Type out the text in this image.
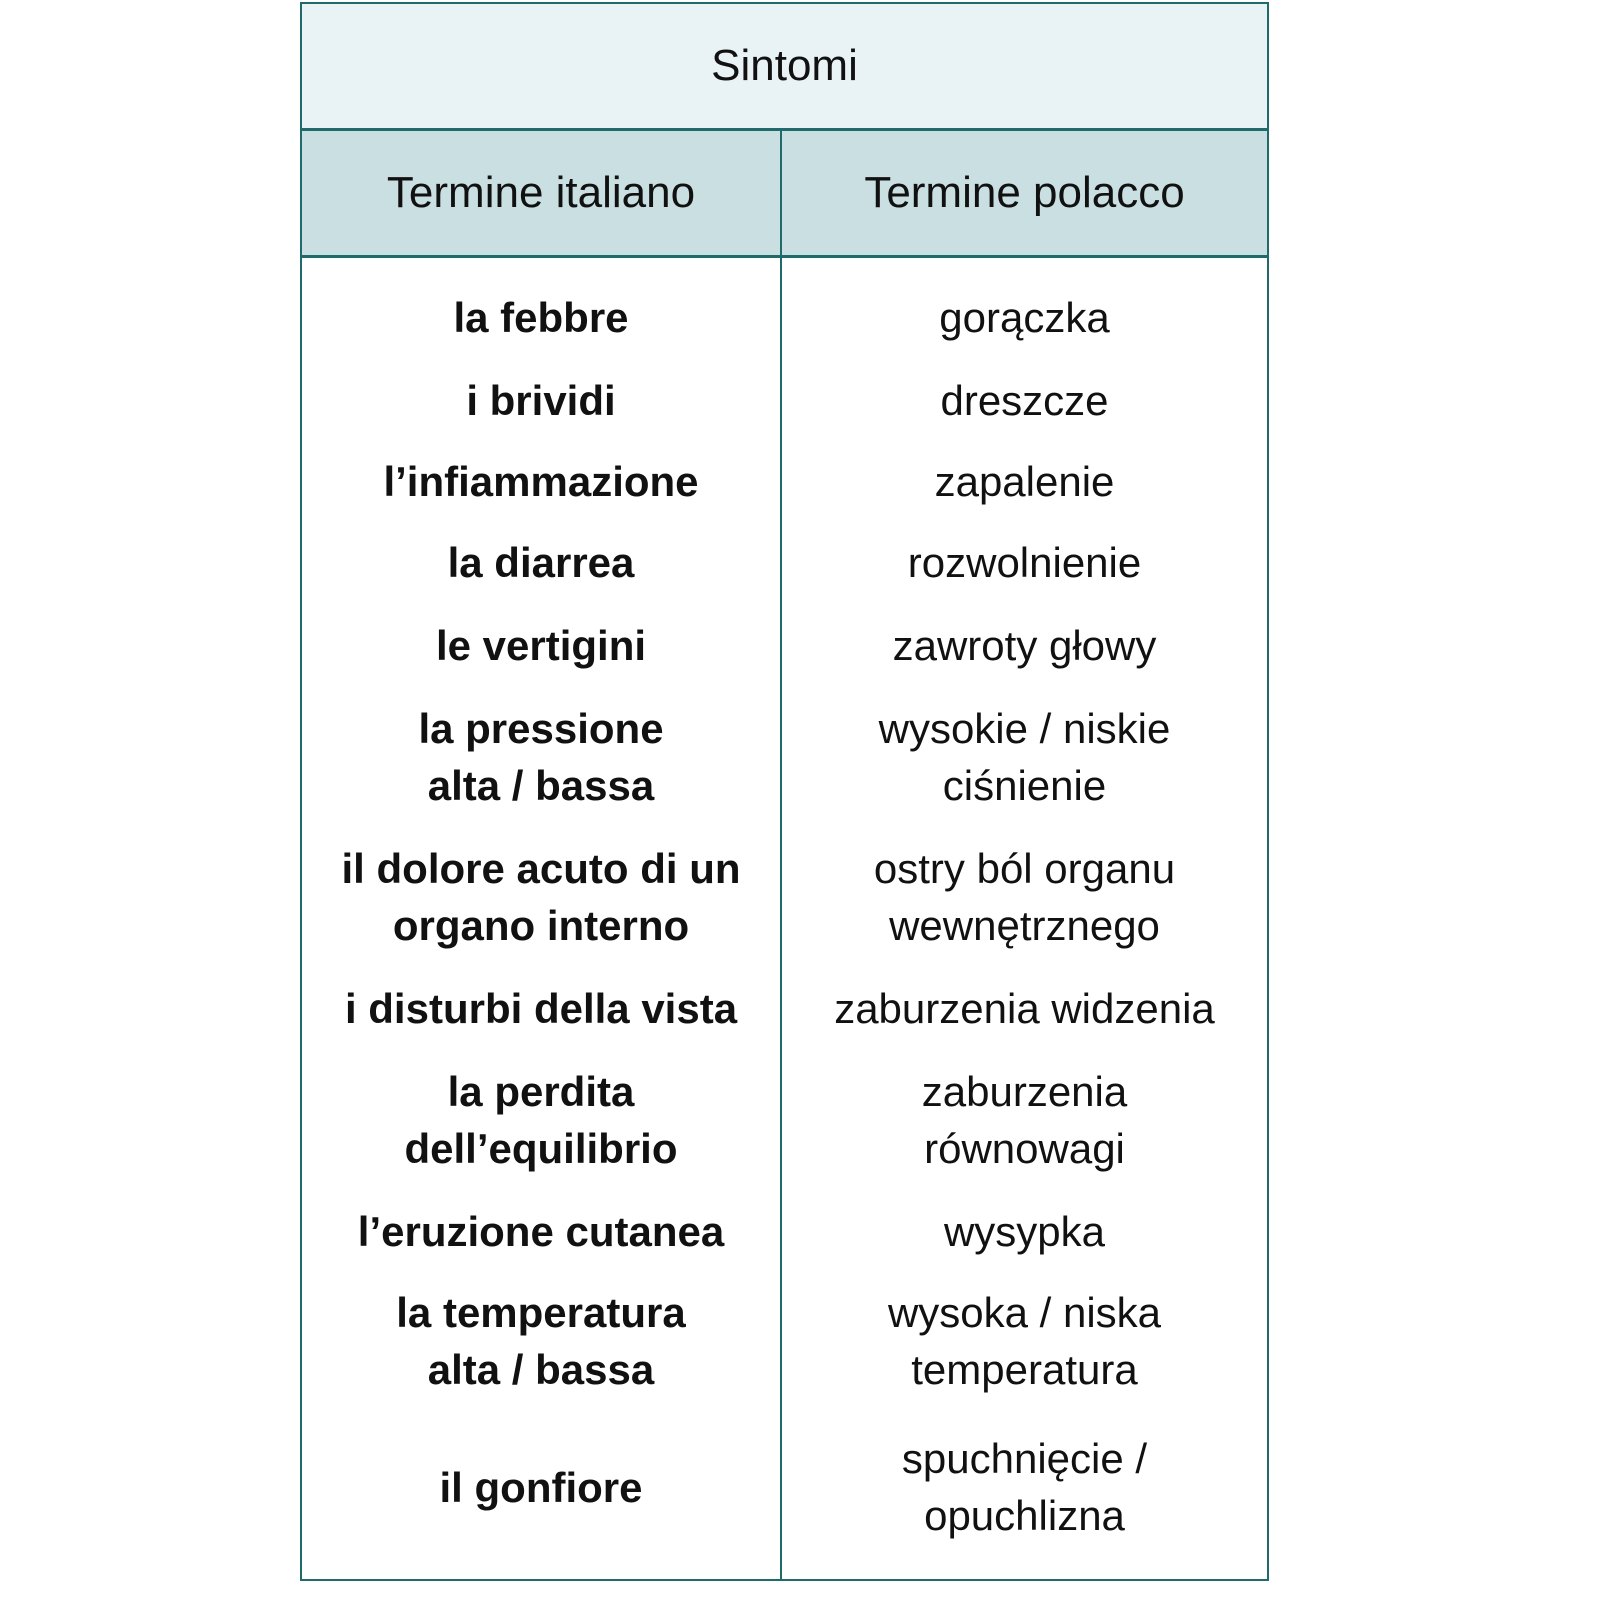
Sintomi
Termine italiano	Termine polacco
la febbre
i brividi
l’infiammazione
la diarrea
le vertigini
la pressione alta / bassa
il dolore acuto di un organo interno
i disturbi della vista
la perdita dell’equilibrio
l’eruzione cutanea
la temperatura alta / bassa
il gonfiore
gorączka
dreszcze
zapalenie
rozwolnienie
zawroty głowy
wysokie / niskie ciśnienie
ostry ból organu wewnętrznego
zaburzenia widzenia
zaburzenia równowagi
wysypka
wysoka / niska temperatura
spuchnięcie / opuchlizna
